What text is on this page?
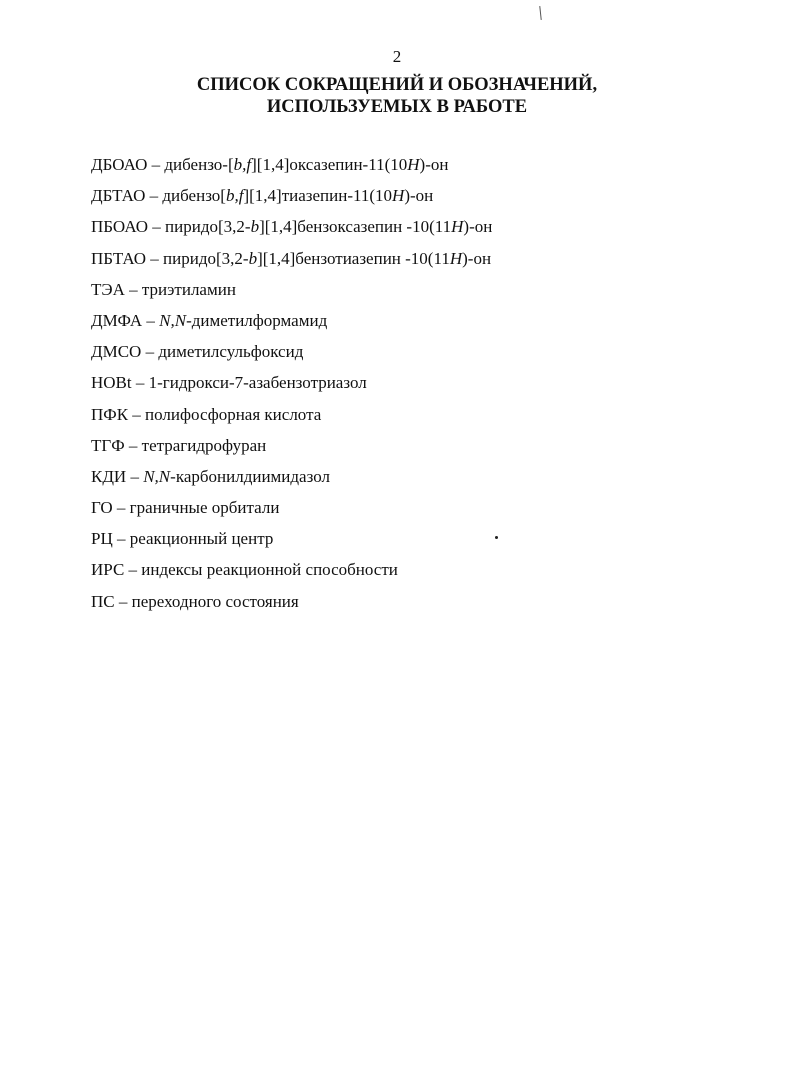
2
СПИСОК СОКРАЩЕНИЙ И ОБОЗНАЧЕНИЙ,
ИСПОЛЬЗУЕМЫХ В РАБОТЕ
ДБОАО – дибензо-[b,f][1,4]оксазепин-11(10H)-он
ДБТАО – дибензо[b,f][1,4]тиазепин-11(10H)-он
ПБОАО – пиридо[3,2-b][1,4]бензоксазепин -10(11H)-он
ПБТАО – пиридо[3,2-b][1,4]бензотиазепин -10(11H)-он
ТЭА – триэтиламин
ДМФА – N,N-диметилформамид
ДМСО – диметилсульфоксид
HOBt – 1-гидрокси-7-азабензотриазол
ПФК – полифосфорная кислота
ТГФ – тетрагидрофуран
КДИ – N,N-карбонилдиимидазол
ГО – граничные орбитали
РЦ – реакционный центр
ИРС – индексы реакционной способности
ПС – переходного состояния
